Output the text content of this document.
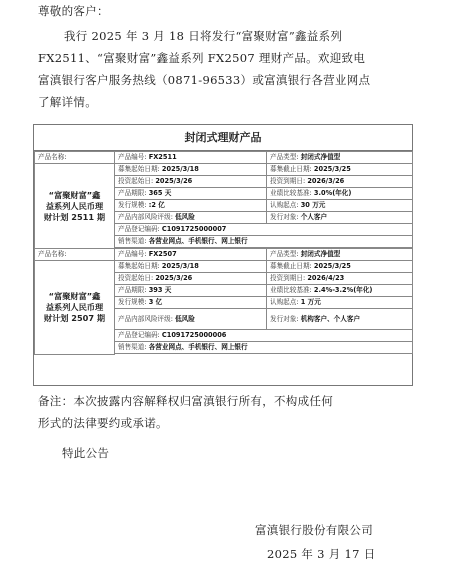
尊敬的客户：
我行 2025 年 3 月 18 日将发行“富聚财富”鑫益系列
FX2511、“富聚财富”鑫益系列 FX2507 理财产品。欢迎致电
富滇银行客户服务热线（0871-96533）或富滇银行各营业网点
了解详情。
封闭式理财产品
产品名称:	产品编号: FX2511	产品类型: 封闭式净值型

“富聚财富”鑫
益系列人民币理
财计划 2511 期	募集起始日期: 2025/3/18	募集截止日期: 2025/3/25
	投资起始日: 2025/3/26	投资到期日: 2026/3/26
	产品期限: 365 天	业绩比较基准: 3.0%(年化)
	发行规模: :2 亿	认购起点: 30 万元
	产品内部风险评级: 低风险	发行对象: 个人客户
	产品登记编码: C1091725000007	
	销售渠道: 各营业网点、手机银行、网上银行	

产品名称:	产品编号: FX2507	产品类型: 封闭式净值型

“富聚财富”鑫
益系列人民币理
财计划 2507 期	募集起始日期: 2025/3/18	募集截止日期: 2025/3/25
	投资起始日: 2025/3/26	投资到期日: 2026/4/23
	产品期限: 393 天	业绩比较基准: 2.4%-3.2%(年化)
	发行规模: 3 亿	认购起点: 1 万元
	产品内部风险评级: 低风险	发行对象: 机构客户、个人客户
	产品登记编码: C1091725000006	
	销售渠道: 各营业网点、手机银行、网上银行	

备注：本次披露内容解释权归富滇银行所有，不构成任何
形式的法律要约或承诺。
特此公告
富滇银行股份有限公司
2025 年 3 月 17 日
